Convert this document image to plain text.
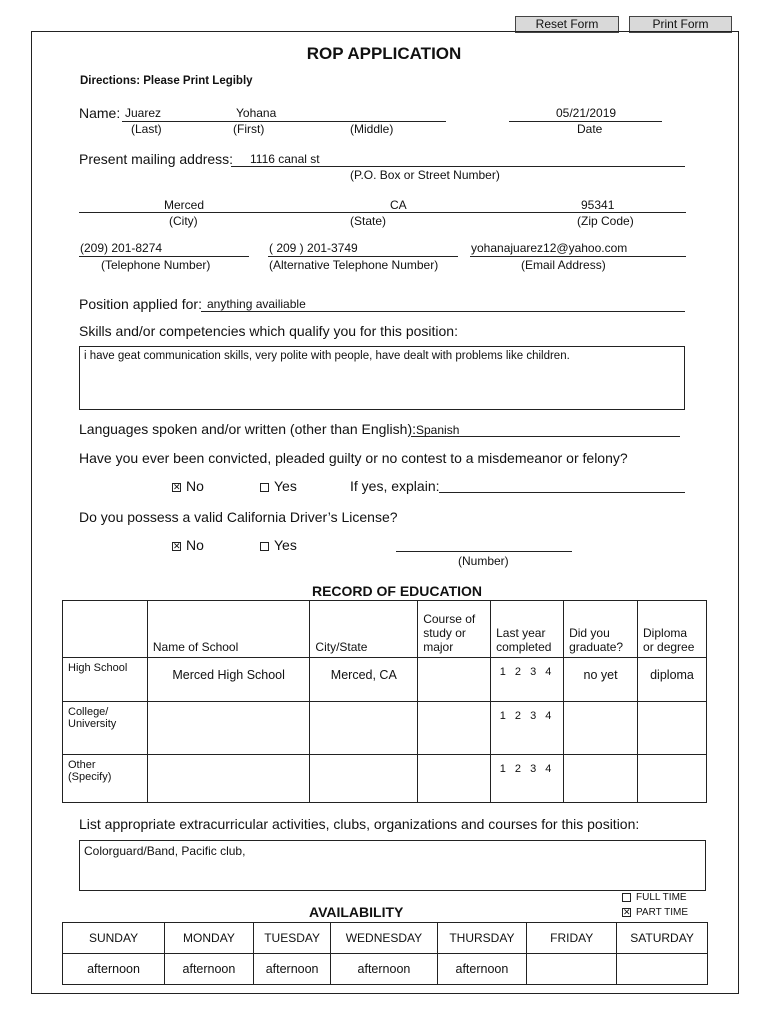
Reset Form	Print Form
ROP APPLICATION
Directions: Please Print Legibly
Name: Juarez	Yohana	05/21/2019
(Last)	(First)	(Middle)	Date
Present mailing address: 1116 canal st
(P.O. Box or Street Number)
Merced	CA	95341
(City)	(State)	(Zip Code)
(209) 201-8274	( 209 ) 201-3749	yohanajuarez12@yahoo.com
(Telephone Number)	(Alternative Telephone Number)	(Email Address)
Position applied for: anything availiable
Skills and/or competencies which qualify you for this position:
i have geat communication skills, very polite with people, have dealt with problems like children.
Languages spoken and/or written (other than English): Spanish
Have you ever been convicted, pleaded guilty or no contest to a misdemeanor or felony?
✕No	Yes	If yes, explain:
Do you possess a valid California Driver’s License?
✕No	Yes
(Number)
RECORD OF EDUCATION
	Name of School	City/State	Course of study or major	Last year completed	Did you graduate?	Diploma or degree
High School	Merced High School	Merced, CA		1 2 3 4	no yet	diploma
College/ University				1 2 3 4		
Other (Specify)				1 2 3 4		
List appropriate extracurricular activities, clubs, organizations and courses for this position:
Colorguard/Band, Pacific club,
FULL TIME
✕PART TIME
AVAILABILITY
SUNDAY	MONDAY	TUESDAY	WEDNESDAY	THURSDAY	FRIDAY	SATURDAY
afternoon	afternoon	afternoon	afternoon	afternoon		
